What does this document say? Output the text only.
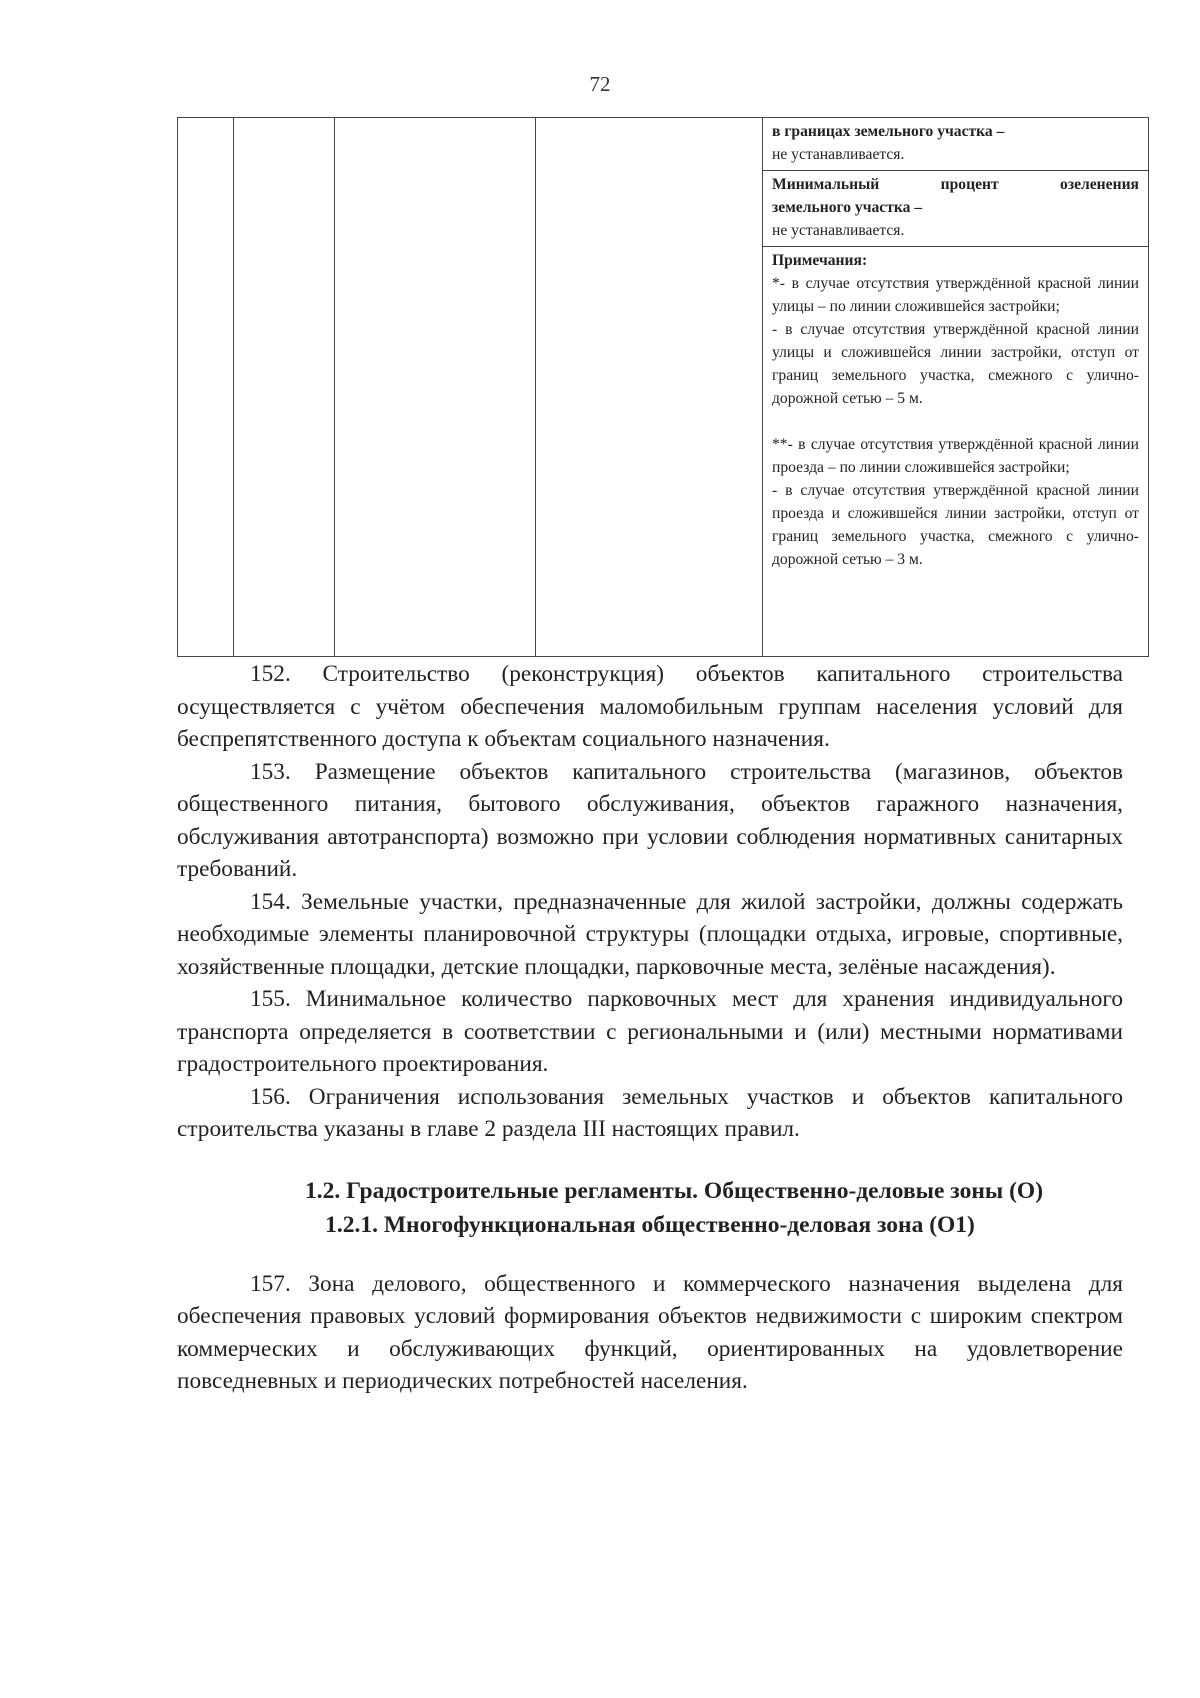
72

в границах земельного участка –
не устанавливается.
Минимальный процент озеленения
земельного участка –
не устанавливается.
Примечания:
*- в случае отсутствия утверждённой красной линии улицы – по линии сложившейся застройки;
- в случае отсутствия утверждённой красной линии улицы и сложившейся линии застройки, отступ от границ земельного участка, смежного с улично-дорожной сетью – 5 м.
**- в случае отсутствия утверждённой красной линии проезда – по линии сложившейся застройки;
- в случае отсутствия утверждённой красной линии проезда и сложившейся линии застройки, отступ от границ земельного участка, смежного с улично-дорожной сетью – 3 м.

152. Строительство (реконструкция) объектов капитального строительства осуществляется с учётом обеспечения маломобильным группам населения условий для беспрепятственного доступа к объектам социального назначения.

153. Размещение объектов капитального строительства (магазинов, объектов общественного питания, бытового обслуживания, объектов гаражного назначения, обслуживания автотранспорта) возможно при условии соблюдения нормативных санитарных требований.

154. Земельные участки, предназначенные для жилой застройки, должны содержать необходимые элементы планировочной структуры (площадки отдыха, игровые, спортивные, хозяйственные площадки, детские площадки, парковочные места, зелёные насаждения).

155. Минимальное количество парковочных мест для хранения индивидуального транспорта определяется в соответствии с региональными и (или) местными нормативами градостроительного проектирования.

156. Ограничения использования земельных участков и объектов капитального строительства указаны в главе 2 раздела III настоящих правил.

1.2. Градостроительные регламенты. Общественно-деловые зоны (О)
1.2.1. Многофункциональная общественно-деловая зона (О1)

157. Зона делового, общественного и коммерческого назначения выделена для обеспечения правовых условий формирования объектов недвижимости с широким спектром коммерческих и обслуживающих функций, ориентированных на удовлетворение повседневных и периодических потребностей населения.
